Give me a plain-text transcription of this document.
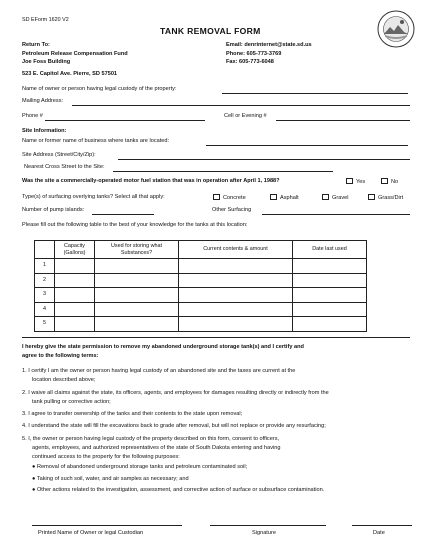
SD EForm 1620 V2
TANK REMOVAL FORM
Return To:
Petroleum Release Compensation Fund
Joe Foss Building
523 E. Capitol Ave. Pierre, SD 57501
Email: denrinternet@state.sd.us
Phone: 605-773-3769
Fax: 605-773-6048
Name of owner or person having legal custody of the property:
Mailing Address:
Phone #	Cell or Evening #
Site Information:
Name or former name of business where tanks are located:
Site Address (Street/City/Zip):
Nearest Cross Street to the Site:
Was the site a commercially-operated motor fuel station that was in operation after April 1, 1988?	Yes	No
Type(s) of surfacing overlying tanks? Select all that apply:	Concrete	Asphalt	Gravel	Grass/Dirt
Number of pump islands:	Other Surfacing
Please fill out the following table to the best of your knowledge for the tanks at this location:
	Capacity (Gallons)	Used for storing what Substances?	Current contents & amount	Date last used
1				
2				
3				
4				
5				
I hereby give the state permission to remove my abandoned underground storage tank(s) and I certify and
agree to the following terms:
1. I certify I am the owner or person having legal custody of an abandoned site and the taxes are current at the
location described above;
2. I waive all claims against the state, its officers, agents, and employees for damages resulting directly or indirectly from the
tank pulling or corrective action;
3. I agree to transfer ownership of the tanks and their contents to the state upon removal;
4. I understand the state will fill the excavations back to grade after removal, but will not replace or provide any resurfacing;
5. I, the owner or person having legal custody of the property described on this form, consent to officers,
agents, employees, and authorized representatives of the state of South Dakota entering and having
continued access to the property for the following purposes:
● Removal of abandoned underground storage tanks and petroleum contaminated soil;
● Taking of such soil, water, and air samples as necessary; and
● Other actions related to the investigation, assessment, and corrective action of surface or subsurface contamination.
Printed Name of Owner or legal Custodian	Signature	Date
